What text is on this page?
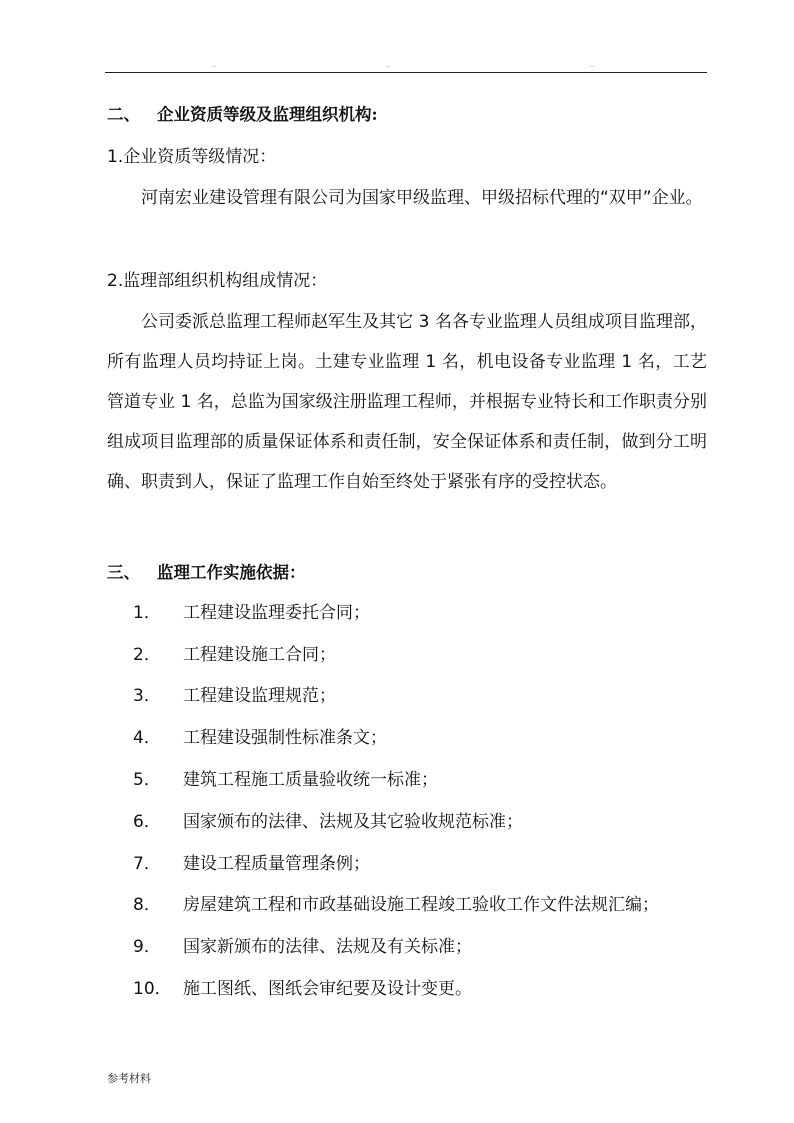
..	..	..
二、 企业资质等级及监理组织机构:
1.企业资质等级情况：

河南宏业建设管理有限公司为国家甲级监理、甲级招标代理的“双甲”企业。

2.监理部组织机构组成情况：

公司委派总监理工程师赵军生及其它 3 名各专业监理人员组成项目监理部，所有监理人员均持证上岗。土建专业监理 1 名，机电设备专业监理 1 名，工艺管道专业 1 名，总监为国家级注册监理工程师，并根据专业特长和工作职责分别组成项目监理部的质量保证体系和责任制，安全保证体系和责任制，做到分工明确、职责到人，保证了监理工作自始至终处于紧张有序的受控状态。

三、 监理工作实施依据：
1．	工程建设监理委托合同；
2．	工程建设施工合同；
3．	工程建设监理规范；
4．	工程建设强制性标准条文；
5．	建筑工程施工质量验收统一标准；
6．	国家颁布的法律、法规及其它验收规范标准；
7．	建设工程质量管理条例；
8．	房屋建筑工程和市政基础设施工程竣工验收工作文件法规汇编；
9．	国家新颁布的法律、法规及有关标准；
10． 施工图纸、图纸会审纪要及设计变更。
参考材料
